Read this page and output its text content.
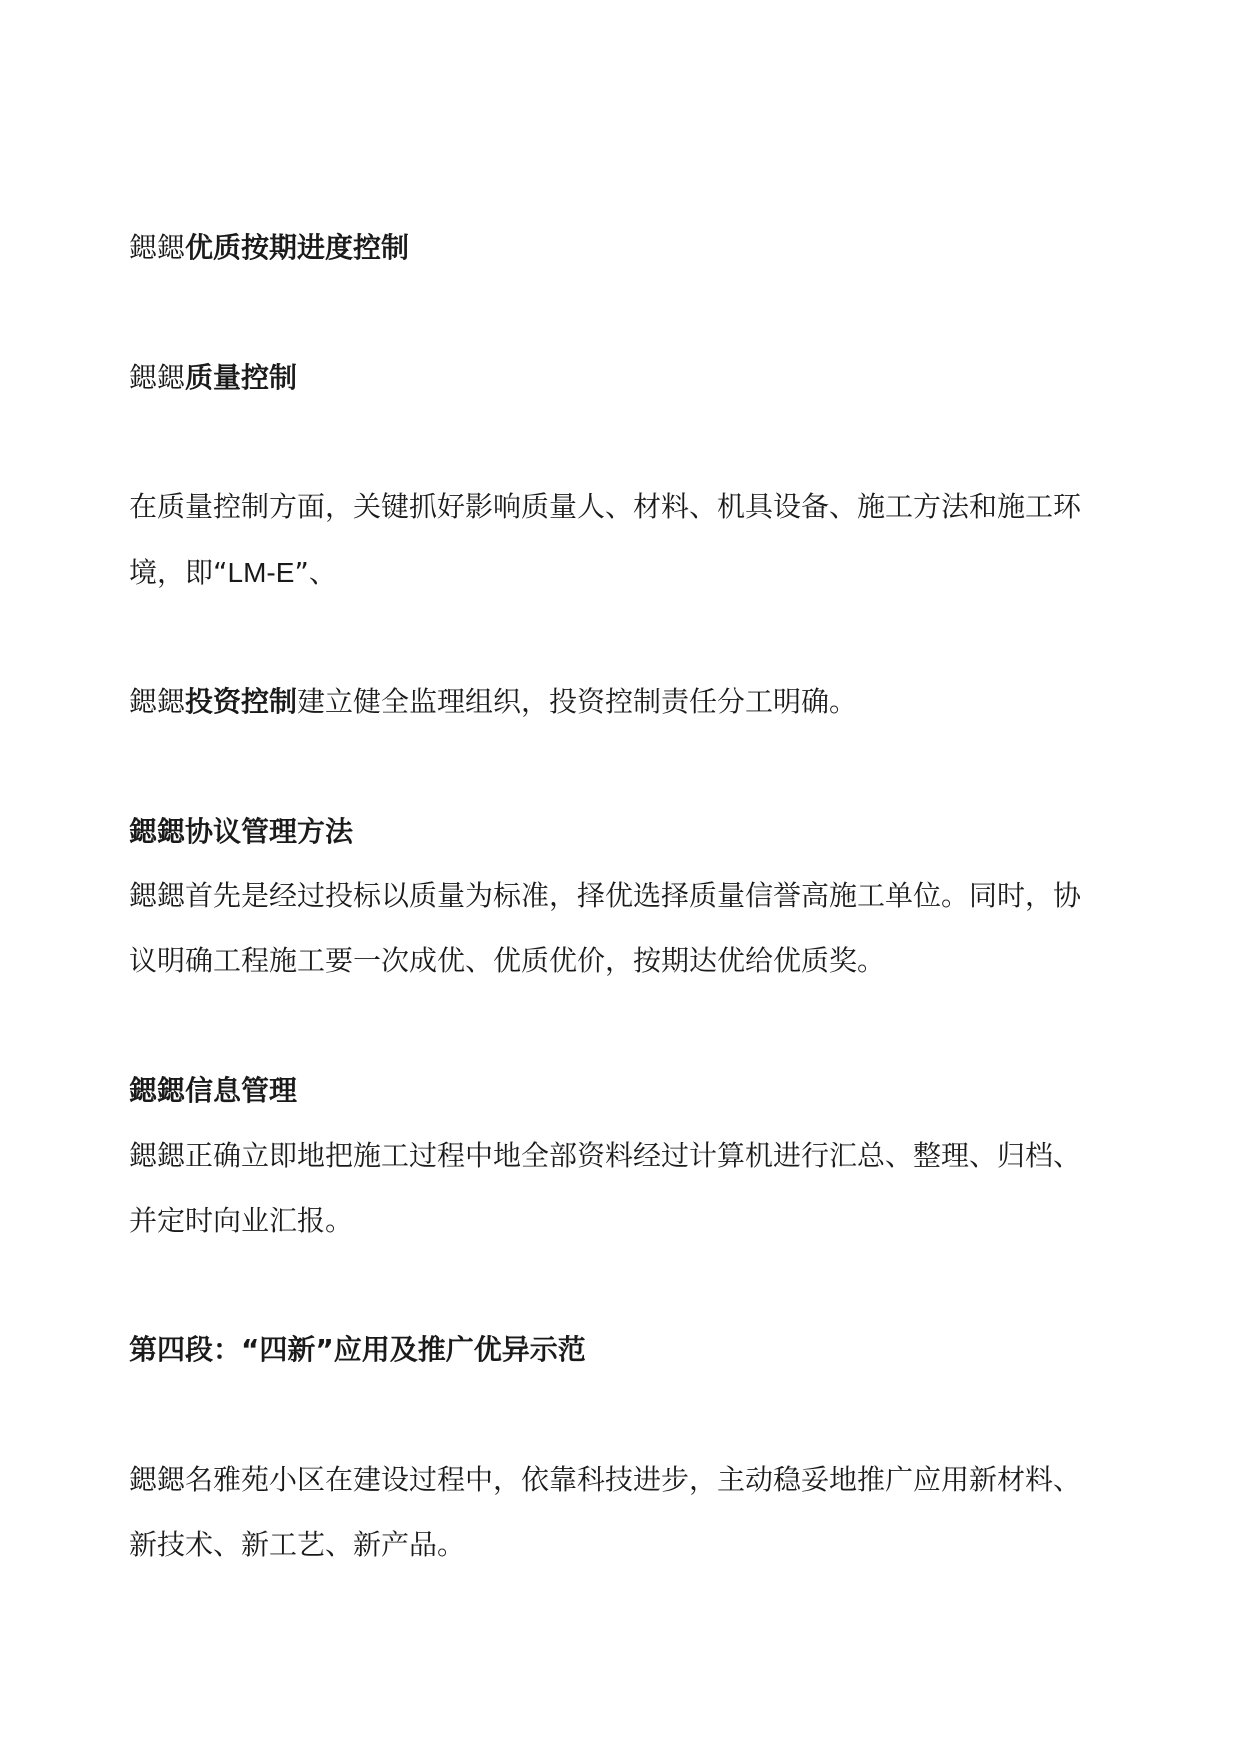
鍶鍶优质按期进度控制
鍶鍶质量控制
在质量控制方面，关键抓好影响质量人、材料、机具设备、施工方法和施工环
境，即“LM-E”、
鍶鍶投资控制建立健全监理组织，投资控制责任分工明确。
鍶鍶协议管理方法
鍶鍶首先是经过投标以质量为标准，择优选择质量信誉高施工单位。同时，协
议明确工程施工要一次成优、优质优价，按期达优给优质奖。
鍶鍶信息管理
鍶鍶正确立即地把施工过程中地全部资料经过计算机进行汇总、整理、归档、
并定时向业汇报。
第四段：“四新”应用及推广优异示范
鍶鍶名雅苑小区在建设过程中，依靠科技进步，主动稳妥地推广应用新材料、
新技术、新工艺、新产品。
